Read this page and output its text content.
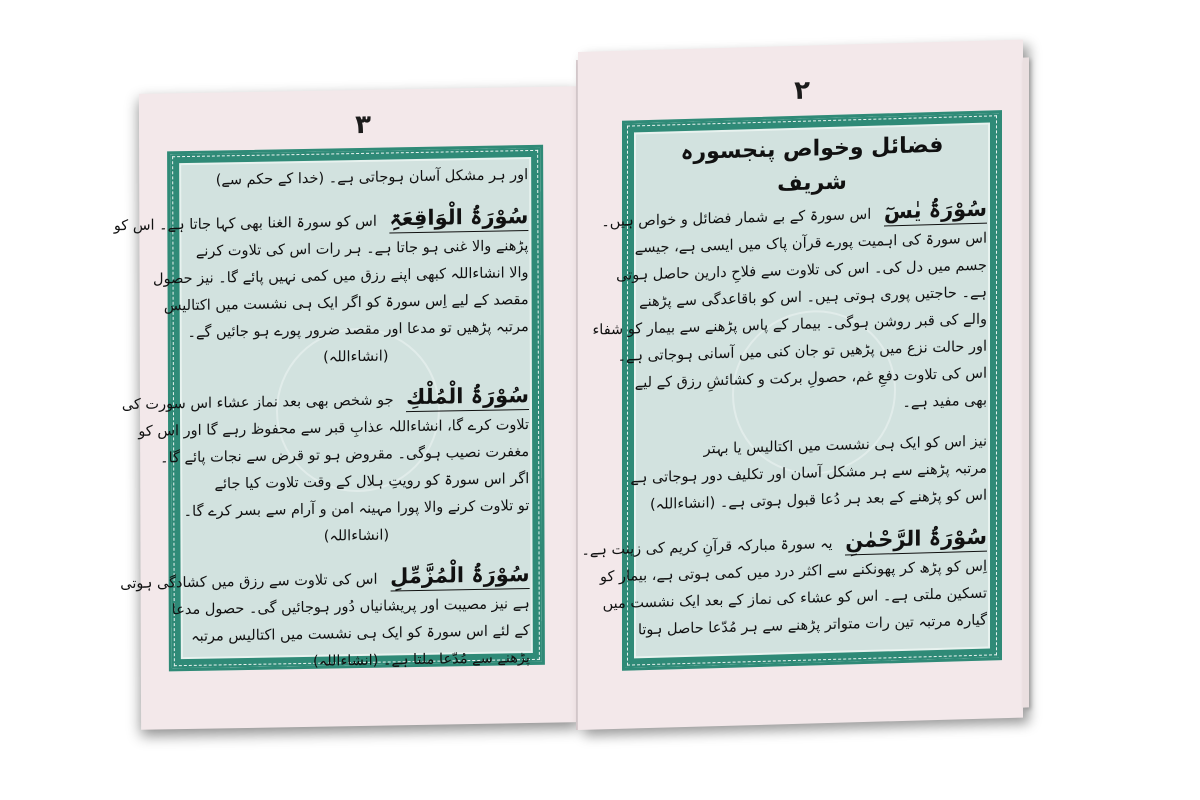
۳

اور ہر مشکل آسان ہوجاتی ہے۔ (خدا کے حکم سے)

سُوْرَۃُ الْوَاقِعَۃِ اس کو سورۃ الغنا بھی کہا جاتا ہے۔ اس کو

پڑھنے والا غنی ہو جاتا ہے۔ ہر رات اس کی تلاوت کرنے

والا انشاءاللہ کبھی اپنے رزق میں کمی نہیں پائے گا۔ نیز حصول

مقصد کے لیے اِس سورۃ کو اگر ایک ہی نشست میں اکتالیس

مرتبہ پڑھیں تو مدعا اور مقصد ضرور پورے ہو جائیں گے۔

(انشاءاللہ)

سُوْرَۃُ الْمُلْكِ جو شخص بھی بعد نماز عشاء اس سورت کی

تلاوت کرے گا، انشاءاللہ عذابِ قبر سے محفوظ رہے گا اور اس کو

مغفرت نصیب ہوگی۔ مقروض ہو تو قرض سے نجات پائے گا۔

اگر اس سورۃ کو رویتِ ہلال کے وقت تلاوت کیا جائے

تو تلاوت کرنے والا پورا مہینہ امن و آرام سے بسر کرے گا۔

(انشاءاللہ)

سُوْرَۃُ الْمُزَّمِّلِ اس کی تلاوت سے رزق میں کشادگی ہوتی

ہے نیز مصیبت اور پریشانیاں دُور ہوجائیں گی۔ حصول مدعا

کے لئے اس سورۃ کو ایک ہی نشست میں اکتالیس مرتبہ

پڑھنے سے مُدّعا ملتا ہے۔ (انشاءاللہ)

۲

فضائل وخواص پنجسورہ

شریف

سُوْرَۃُ یٰسٓ اس سورۃ کے بے شمار فضائل و خواص ہیں۔

اس سورۃ کی اہمیت پورے قرآن پاک میں ایسی ہے، جیسے

جسم میں دل کی۔ اس کی تلاوت سے فلاحِ دارین حاصل ہوتی

ہے۔ حاجتیں پوری ہوتی ہیں۔ اس کو باقاعدگی سے پڑھنے

والے کی قبر روشن ہوگی۔ بیمار کے پاس پڑھنے سے بیمار کو شفاء

اور حالت نزع میں پڑھیں تو جان کنی میں آسانی ہوجاتی ہے۔

اس کی تلاوت دفعِ غم، حصولِ برکت و کشائشِ رزق کے لیے

بھی مفید ہے۔

نیز اس کو ایک ہی نشست میں اکتالیس یا بہتر

مرتبہ پڑھنے سے ہر مشکل آسان اور تکلیف دور ہوجاتی ہے

اس کو پڑھنے کے بعد ہر دُعا قبول ہوتی ہے۔ (انشاءاللہ)

سُوْرَۃُ الرَّحْمٰنِ یہ سورۃ مبارکہ قرآنِ کریم کی زینت ہے۔

اِس کو پڑھ کر پھونکنے سے اکثر درد میں کمی ہوتی ہے، بیمار کو

تسکین ملتی ہے۔ اس کو عشاء کی نماز کے بعد ایک نشست میں

گیارہ مرتبہ تین رات متواتر پڑھنے سے ہر مُدّعا حاصل ہوتا
